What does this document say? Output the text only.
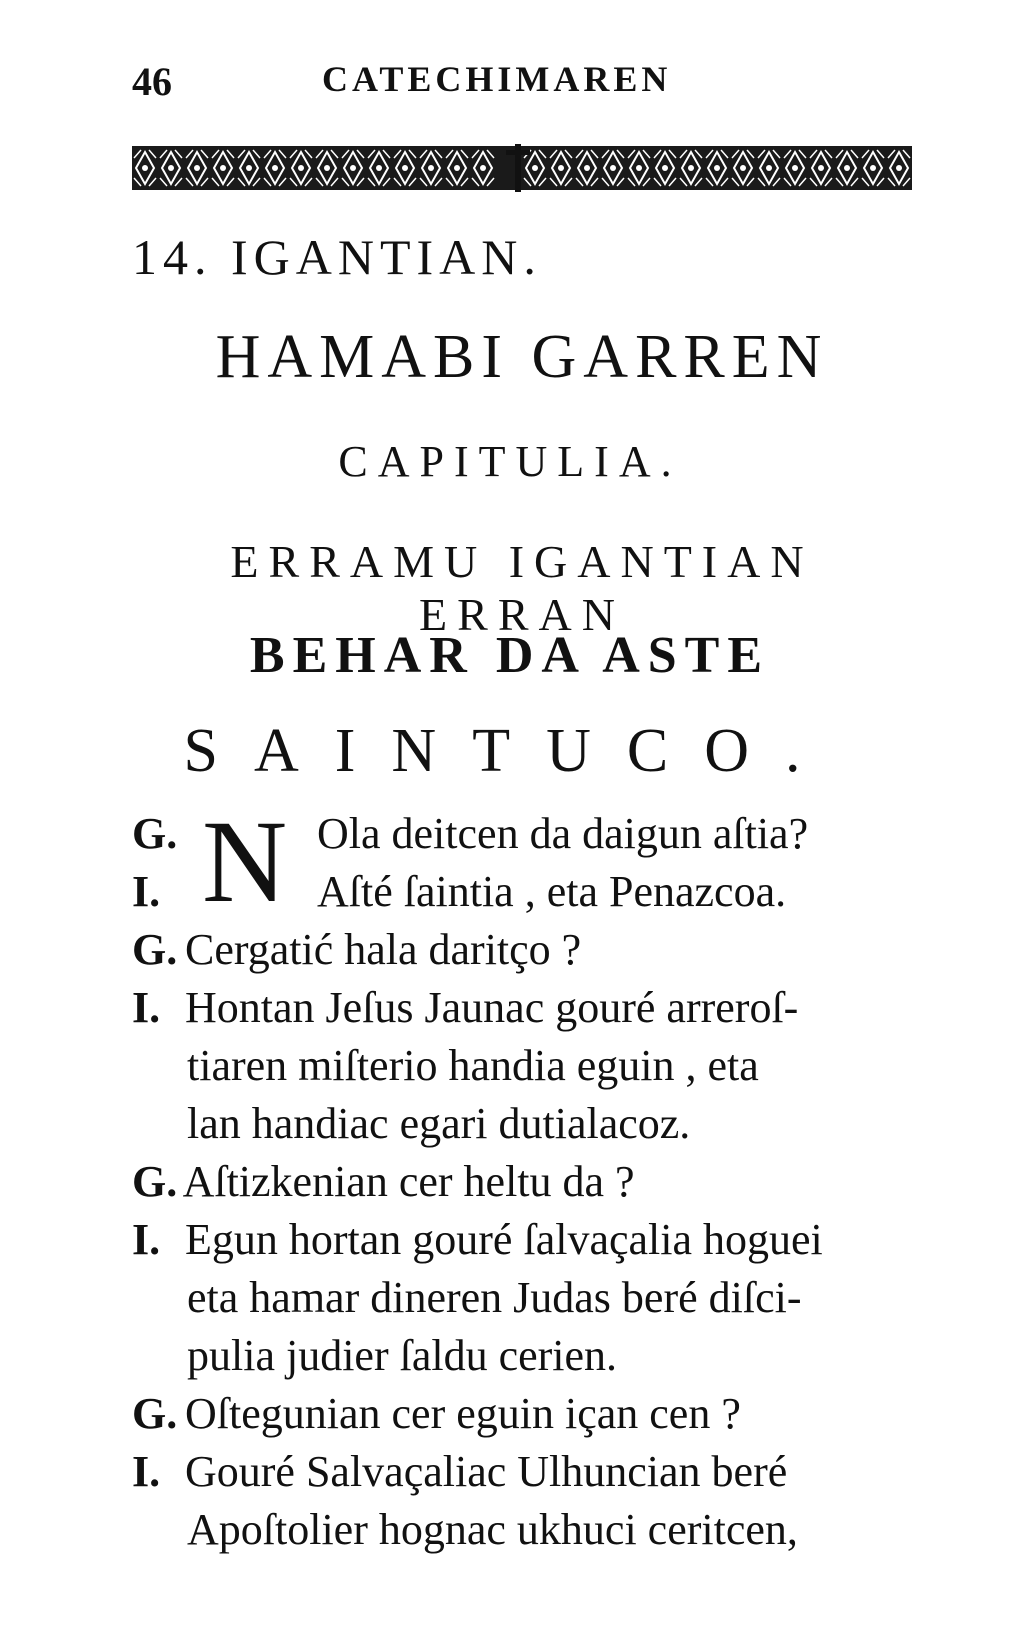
46	CATECHIMAREN
14. IGANTIAN.
HAMABI GARREN
CAPITULIA.
ERRAMU IGANTIAN ERRAN
BEHAR DA ASTE
SAINTUCO.
N
G.	Ola deitcen da daigun aſtia?
I.	Aſté ſaintia , eta Penazcoa.
G. Cergatić hala daritço ?
I. Hontan Jeſus Jaunac gouré arreroſ-
tiaren miſterio handia eguin , eta
lan handiac egari dutialacoz.
G. Aſtizkenian cer heltu da ?
I. Egun hortan gouré ſalvaçalia hoguei
eta hamar dineren Judas beré diſci-
pulia judier ſaldu cerien.
G. Oſtegunian cer eguin içan cen ?
I. Gouré Salvaçaliac Ulhuncian beré
Apoſtolier hognac ukhuci ceritcen,
